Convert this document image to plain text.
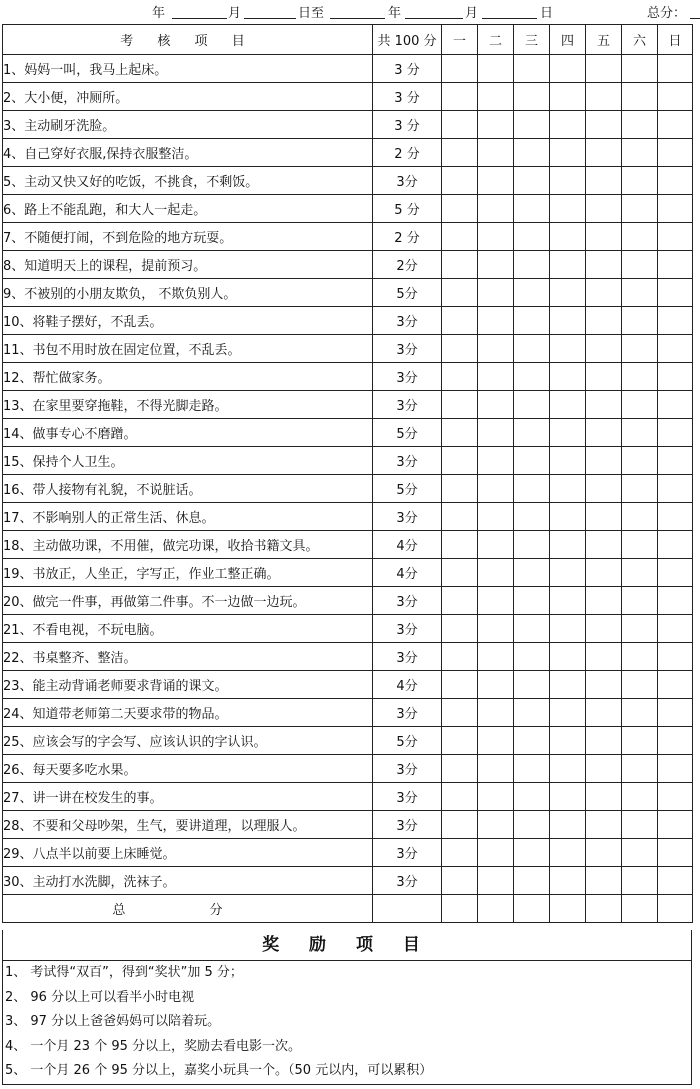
年	月	日至	年	月	日	总分：
考 核 项 目	共 100 分	一	二	三	四	五	六	日
1、妈妈一叫，我马上起床。	3 分							
2、大小便，冲厕所。	3 分							
3、主动刷牙洗脸。	3 分							
4、自己穿好衣服,保持衣服整洁。	2 分							
5、主动又快又好的吃饭，不挑食，不剩饭。	3分							
6、路上不能乱跑，和大人一起走。	5 分							
7、不随便打闹，不到危险的地方玩耍。	2 分							
8、知道明天上的课程，提前预习。	2分							
9、不被别的小朋友欺负， 不欺负别人。	5分							
10、将鞋子摆好，不乱丢。	3分							
11、书包不用时放在固定位置，不乱丢。	3分							
12、帮忙做家务。	3分							
13、在家里要穿拖鞋，不得光脚走路。	3分							
14、做事专心不磨蹭。	5分							
15、保持个人卫生。	3分							
16、带人接物有礼貌，不说脏话。	5分							
17、不影响别人的正常生活、休息。	3分							
18、主动做功课，不用催，做完功课，收拾书籍文具。	4分							
19、书放正，人坐正，字写正，作业工整正确。	4分							
20、做完一件事，再做第二件事。不一边做一边玩。	3分							
21、不看电视，不玩电脑。	3分							
22、书桌整齐、整洁。	3分							
23、能主动背诵老师要求背诵的课文。	4分							
24、知道带老师第二天要求带的物品。	3分							
25、应该会写的字会写、应该认识的字认识。	5分							
26、每天要多吃水果。	3分							
27、讲一讲在校发生的事。	3分							
28、不要和父母吵架，生气，要讲道理，以理服人。	3分							
29、八点半以前要上床睡觉。	3分							
30、主动打水洗脚，洗袜子。	3分							
总 分								
奖 励 项 目
1、 考试得“双百”，得到“奖状”加 5 分；
2、 96 分以上可以看半小时电视
3、 97 分以上爸爸妈妈可以陪着玩。
4、 一个月 23 个 95 分以上，奖励去看电影一次。
5、 一个月 26 个 95 分以上，嘉奖小玩具一个。（50 元以内，可以累积）
